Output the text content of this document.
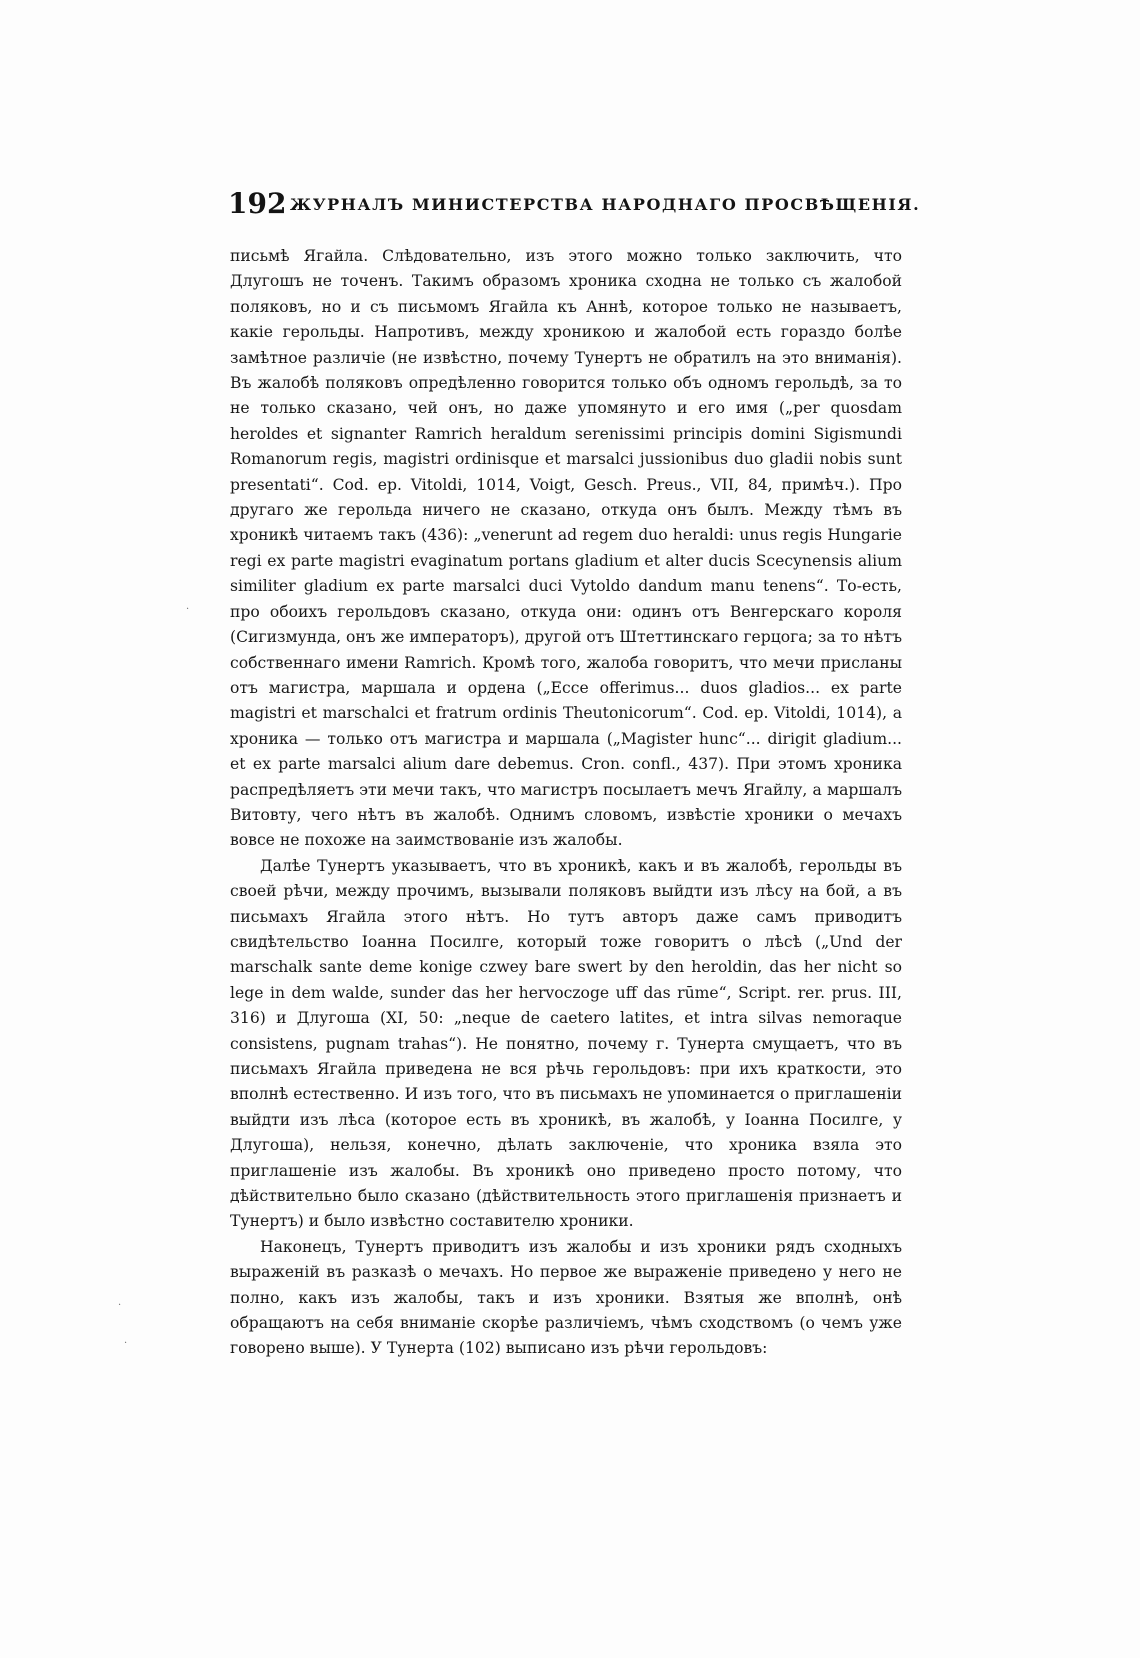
192 ЖУРНАЛЪ МИНИСТЕРСТВА НАРОДНАГО ПРОСВѢЩЕНІЯ.

письмѣ Ягайла. Слѣдовательно, изъ этого можно только заключить, что Длугошъ не точенъ. Такимъ образомъ хроника сходна не только съ жалобой поляковъ, но и съ письмомъ Ягайла къ Аннѣ, которое только не называетъ, какіе герольды. Напротивъ, между хроникою и жалобой есть гораздо болѣе замѣтное различіе (не извѣстно, почему Тунертъ не обратилъ на это вниманія). Въ жалобѣ поляковъ опредѣленно говорится только объ одномъ герольдѣ, за то не только сказано, чей онъ, но даже упомянуто и его имя („per quosdam heroldes et signanter Ramrich heraldum serenissimi principis domini Sigismundi Romanorum regis, magistri ordinisque et marsalci jussionibus duo gladii nobis sunt presentati“. Cod. ep. Vitoldi, 1014, Voigt, Gesch. Preus., VII, 84, примѣч.). Про другаго же герольда ничего не сказано, откуда онъ былъ. Между тѣмъ въ хроникѣ читаемъ такъ (436): „venerunt ad regem duo heraldi: unus regis Hungarie regi ex parte magistri evaginatum portans gladium et alter ducis Scecynensis alium similiter gladium ex parte marsalci duci Vytoldo dandum manu tenens“. То-есть, про обоихъ герольдовъ сказано, откуда они: одинъ отъ Венгерскаго короля (Сигизмунда, онъ же императоръ), другой отъ Штеттинскаго герцога; за то нѣтъ собственнаго имени Ramrich. Кромѣ того, жалоба говоритъ, что мечи присланы отъ магистра, маршала и ордена („Ecce offerimus... duos gladios... ex parte magistri et marschalci et fratrum ordinis Theutonicorum“. Cod. ep. Vitoldi, 1014), а хроника — только отъ магистра и маршала („Magister hunc“... dirigit gladium... et ex parte marsalci alium dare debemus. Cron. confl., 437). При этомъ хроника распредѣляетъ эти мечи такъ, что магистръ посылаетъ мечъ Ягайлу, а маршалъ Витовту, чего нѣтъ въ жалобѣ. Однимъ словомъ, извѣстіе хроники о мечахъ вовсе не похоже на заимствованіе изъ жалобы.

Далѣе Тунертъ указываетъ, что въ хроникѣ, какъ и въ жалобѣ, герольды въ своей рѣчи, между прочимъ, вызывали поляковъ выйдти изъ лѣсу на бой, а въ письмахъ Ягайла этого нѣтъ. Но тутъ авторъ даже самъ приводитъ свидѣтельство Іоанна Посилге, который тоже говоритъ о лѣсѣ („Und der marschalk sante deme konige czwey bare swert by den heroldin, das her nicht so lege in dem walde, sunder das her hervoczoge uff das rūme“, Script. rer. prus. III, 316) и Длугоша (XI, 50: „neque de caetero latites, et intra silvas nemoraque consistens, pugnam trahas“). Не понятно, почему г. Тунерта смущаетъ, что въ письмахъ Ягайла приведена не вся рѣчь герольдовъ: при ихъ краткости, это вполнѣ естественно. И изъ того, что въ письмахъ не упоминается о приглашеніи выйдти изъ лѣса (которое есть въ хроникѣ, въ жалобѣ, у Іоанна Посилге, у Длугоша), нельзя, конечно, дѣлать заключеніе, что хроника взяла это приглашеніе изъ жалобы. Въ хроникѣ оно приведено просто потому, что дѣйствительно было сказано (дѣйствительность этого приглашенія признаетъ и Тунертъ) и было извѣстно составителю хроники.

Наконецъ, Тунертъ приводитъ изъ жалобы и изъ хроники рядъ сходныхъ выраженій въ разказѣ о мечахъ. Но первое же выраженіе приведено у него не полно, какъ изъ жалобы, такъ и изъ хроники. Взятыя же вполнѣ, онѣ обращаютъ на себя вниманіе скорѣе различіемъ, чѣмъ сходствомъ (о чемъ уже говорено выше). У Тунерта (102) выписано изъ рѣчи герольдовъ:

·
·
·
